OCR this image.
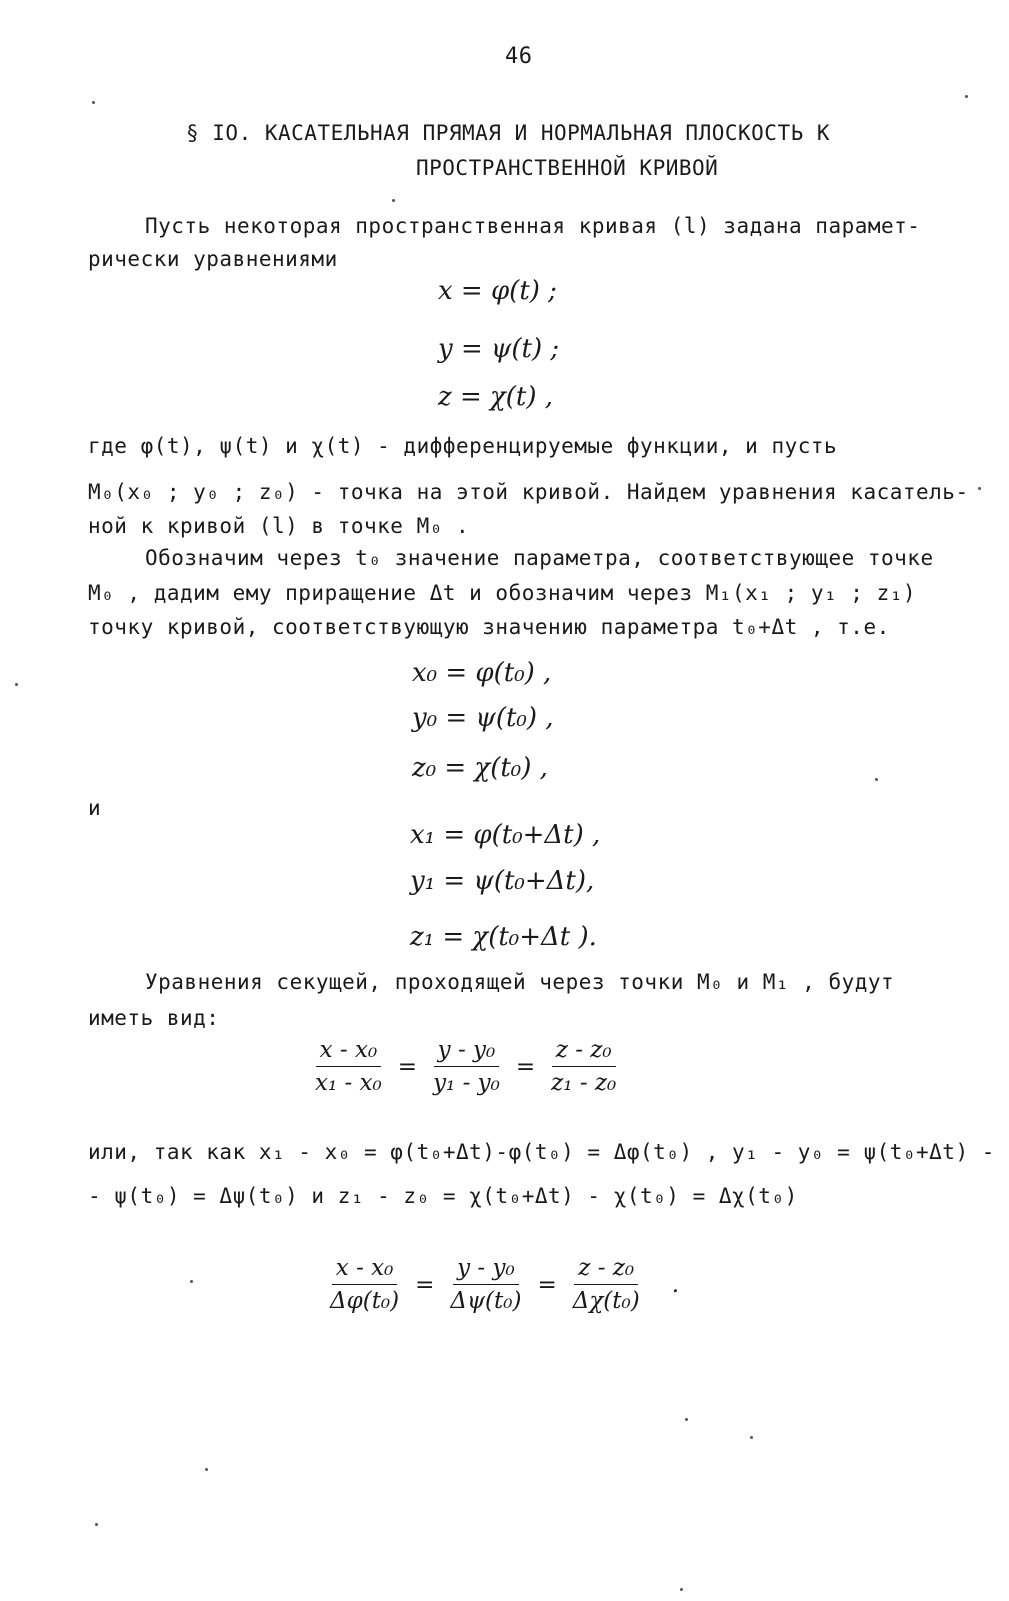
46
§ IO. КАСАТЕЛЬНАЯ ПРЯМАЯ И НОРМАЛЬНАЯ ПЛОСКОСТЬ К
ПРОСТРАНСТВЕННОЙ КРИВОЙ
Пусть некоторая пространственная кривая (l) задана парамет-
рически уравнениями
x = φ(t) ;
y = ψ(t) ;
z = χ(t) ,
где φ(t), ψ(t) и χ(t) - дифференцируемые функции, и пусть
M₀(x₀ ; y₀ ; z₀) - точка на этой кривой. Найдем уравнения касатель-
ной к кривой (l) в точке M₀ .
Обозначим через t₀ значение параметра, соответствующее точке
M₀ , дадим ему приращение Δt и обозначим через M₁(x₁ ; y₁ ; z₁)
точку кривой, соответствующую значению параметра t₀+Δt , т.е.
x₀ = φ(t₀) ,
y₀ = ψ(t₀) ,
z₀ = χ(t₀) ,
и
x₁ = φ(t₀+Δt) ,
y₁ = ψ(t₀+Δt),
z₁ = χ(t₀+Δt ).
Уравнения секущей, проходящей через точки M₀ и M₁ , будут
иметь вид:
$\frac{\text{x - x₀}}{\text{x₁ - x₀}} = \frac{\text{y - y₀}}{\text{y₁ - y₀}} = \frac{\text{z - z₀}}{\text{z₁ - z₀}}$
или, так как x₁ - x₀ = φ(t₀+Δt)-φ(t₀) = Δφ(t₀) , y₁ - y₀ = ψ(t₀+Δt) -
- ψ(t₀) = Δψ(t₀) и z₁ - z₀ = χ(t₀+Δt) - χ(t₀) = Δχ(t₀)
$\frac{\text{x - x₀}}{\text{Δφ(t₀)}} = \frac{\text{y - y₀}}{\text{Δψ(t₀)}} = \frac{\text{z - z₀}}{\text{Δχ(t₀)}}$ .
